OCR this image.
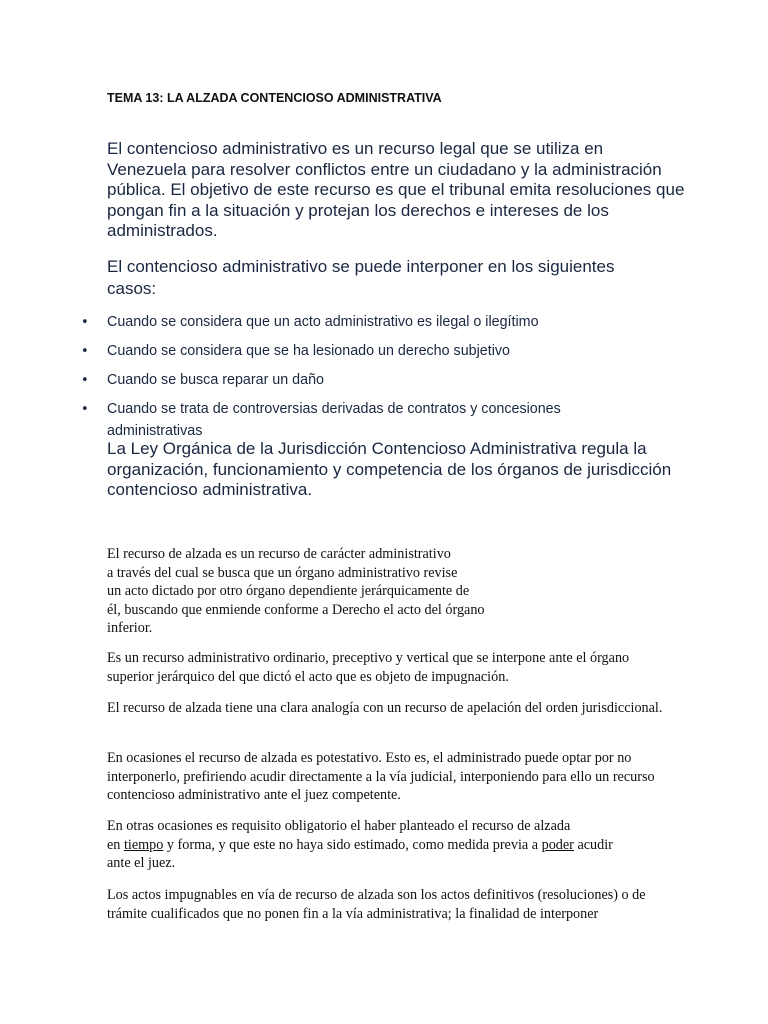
TEMA 13: LA ALZADA CONTENCIOSO ADMINISTRATIVA

El contencioso administrativo es un recurso legal que se utiliza en Venezuela para resolver conflictos entre un ciudadano y la administración pública. El objetivo de este recurso es que el tribunal emita resoluciones que pongan fin a la situación y protejan los derechos e intereses de los administrados.

El contencioso administrativo se puede interponer en los siguientes casos:

• Cuando se considera que un acto administrativo es ilegal o ilegítimo
• Cuando se considera que se ha lesionado un derecho subjetivo
• Cuando se busca reparar un daño
• Cuando se trata de controversias derivadas de contratos y concesiones administrativas

La Ley Orgánica de la Jurisdicción Contencioso Administrativa regula la organización, funcionamiento y competencia de los órganos de jurisdicción contencioso administrativa.

El recurso de alzada es un recurso de carácter administrativo
a través del cual se busca que un órgano administrativo revise
un acto dictado por otro órgano dependiente jerárquicamente de
él, buscando que enmiende conforme a Derecho el acto del órgano
inferior.

Es un recurso administrativo ordinario, preceptivo y vertical que se interpone ante el órgano superior jerárquico del que dictó el acto que es objeto de impugnación.

El recurso de alzada tiene una clara analogía con un recurso de apelación del orden jurisdiccional.

En ocasiones el recurso de alzada es potestativo. Esto es, el administrado puede optar por no interponerlo, prefiriendo acudir directamente a la vía judicial, interponiendo para ello un recurso contencioso administrativo ante el juez competente.

En otras ocasiones es requisito obligatorio el haber planteado el recurso de alzada
en tiempo y forma, y que este no haya sido estimado, como medida previa a poder acudir
ante el juez.

Los actos impugnables en vía de recurso de alzada son los actos definitivos (resoluciones) o de trámite cualificados que no ponen fin a la vía administrativa; la finalidad de interponer
